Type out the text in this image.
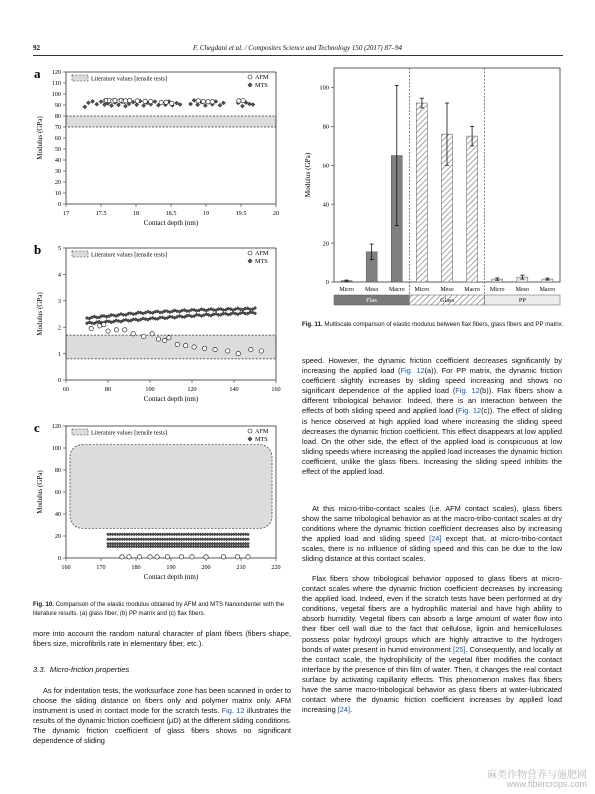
92	F. Chegdani et al. / Composites Science and Technology 150 (2017) 87–94
a
0
10
20
30
40
50
60
70
80
90
100
110
120
17	17.5	18	18.5	19	19.5	20
Contact depth (nm)
Modulus (GPa)
Literature values [tensile tests]	AFM
MTS
b
0
1
2
3
4
5
60	80	100	120	140	160
Contact depth (nm)
Modulus (GPa)
Literature values [tensile tests]	AFM
MTS
c
0
20
40
60
80
100
120
160	170	180	190	200	210	220
Contact depth (nm)
Modulus (GPa)
Literature values [tensile tests]	AFM
MTS
0
20
40
60
80
100
Modulus (GPa)
Micro Meso Macro Micro Meso Macro Micro Meso Macro
Flax	Glass	PP
Fig. 10. Comparison of the elastic modulus obtained by AFM and MTS Nanoindenter with the literature results. (a) glass fiber, (b) PP matrix and (c) flax fibers.
Fig. 11. Multiscale comparison of elastic modulus between flax fibers, glass fibers and PP matrix.

more into account the random natural character of plant fibers (fibers shape, fibers size, microfibrils rate in elementary fiber, etc.).

3.3. Micro-friction properties

As for indentation tests, the worksurface zone has been scanned in order to choose the sliding distance on fibers only and polymer matrix only. AFM instrument is used in contact mode for the scratch tests. Fig. 12 illustrates the results of the dynamic friction coefficient (μD) at the different sliding conditions. The dynamic friction coefficient of glass fibers shows no significant dependence of sliding

speed. However, the dynamic friction coefficient decreases significantly by increasing the applied load (Fig. 12(a)). For PP matrix, the dynamic friction coefficient slightly increases by sliding speed increasing and shows no significant dependence of the applied load (Fig. 12(b)). Flax fibers show a different tribological behavior. Indeed, there is an interaction between the effects of both sliding speed and applied load (Fig. 12(c)). The effect of sliding is hence observed at high applied load where increasing the sliding speed decreases the dynamic friction coefficient. This effect disappears at low applied load. On the other side, the effect of the applied load is conspicuous at low sliding speeds where increasing the applied load increases the dynamic friction coefficient, unlike the glass fibers. Increasing the sliding speed inhibits the effect of the applied load.

At this micro-tribo-contact scales (i.e. AFM contact scales), glass fibers show the same tribological behavior as at the macro-tribo-contact scales at dry conditions where the dynamic friction coefficient decreases also by increasing the applied load and sliding speed [24] except that, at micro-tribo-contact scales, there is no influence of sliding speed and this can be due to the low sliding distance at this contact scales.

Flax fibers show tribological behavior opposed to glass fibers at micro-contact scales where the dynamic friction coefficient decreases by increasing the applied load. Indeed, even if the scratch tests have been performed at dry conditions, vegetal fibers are a hydrophilic material and have high ability to absorb humidity. Vegetal fibers can absorb a large amount of water flow into their fiber cell wall due to the fact that cellulose, lignin and hemicelluloses possess polar hydroxyl groups which are highly attractive to the hydrogen bonds of water present in humid environment [25]. Consequently, and locally at the contact scale, the hydrophilicity of the vegetal fiber modifies the contact interface by the presence of thin film of water. Then, it changes the real contact surface by activating capillarity effects. This phenomenon makes flax fibers have the same macro-tribological behavior as glass fibers at water-lubricated contact where the dynamic friction coefficient increases by applied load increasing [24].

麻类作物营养与施肥网
www.fibercrops.com
